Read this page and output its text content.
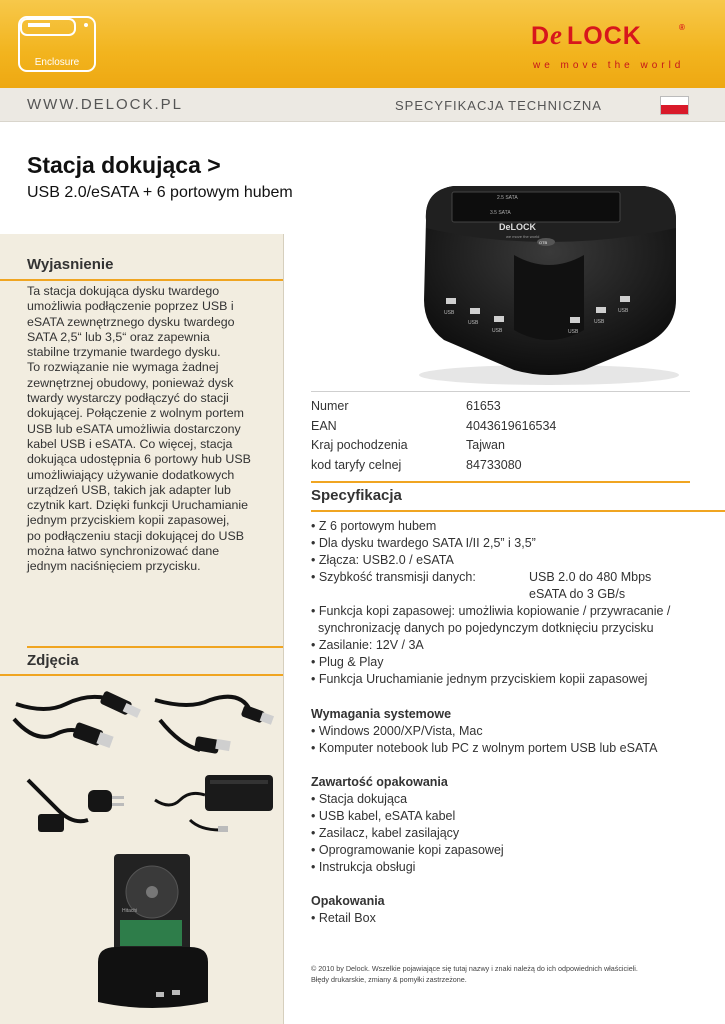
Enclosure
D e LOCK	®
we move the world
WWW.DELOCK.PL	SPECYFIKACJA TECHNICZNA
Stacja dokująca >
USB 2.0/eSATA + 6 portowym hubem	2.5 SATA
3.5 SATA
DeLOCK
we move the world
OTB
USB
USB
USB	USB
USB
USB
Wyjasnienie
Ta stacja dokująca dysku twardego
umożliwia podłączenie poprzez USB i
eSATA zewnętrznego dysku twardego
SATA 2,5“ lub 3,5“ oraz zapewnia
stabilne trzymanie twardego dysku.
To rozwiązanie nie wymaga żadnej
zewnętrznej obudowy, ponieważ dysk
twardy wystarczy podłączyć do stacji
dokującej. Połączenie z wolnym portem
USB lub eSATA umożliwia dostarczony
kabel USB i eSATA. Co więcej, stacja
dokująca udostępnia 6 portowy hub USB
umożliwiający używanie dodatkowych
urządzeń USB, takich jak adapter lub
czytnik kart. Dzięki funkcji Uruchamianie
jednym przyciskiem kopii zapasowej,
po podłączeniu stacji dokującej do USB
można łatwo synchronizować dane
jednym naciśnięciem przycisku.
Zdjęcia
Hitachi
Numer	61653
EAN	4043619616534
Kraj pochodzenia	Tajwan
kod taryfy celnej	84733080
Specyfikacja
• Z 6 portowym hubem
• Dla dysku twardego SATA I/II 2,5” i 3,5”
• Złącza: USB2.0 / eSATA
• Szybkość transmisji danych:	USB 2.0 do 480 Mbps
eSATA do 3 GB/s
• Funkcja kopi zapasowej: umożliwia kopiowanie / przywracanie /
synchronizację danych po pojedynczym dotknięciu przycisku
• Zasilanie: 12V / 3A
• Plug & Play
• Funkcja Uruchamianie jednym przyciskiem kopii zapasowej
Wymagania systemowe
• Windows 2000/XP/Vista, Mac
• Komputer notebook lub PC z wolnym portem USB lub eSATA
Zawartość opakowania
• Stacja dokująca
• USB kabel, eSATA kabel
• Zasilacz, kabel zasilający
• Oprogramowanie kopi zapasowej
• Instrukcja obsługi
Opakowania
• Retail Box
© 2010 by Delock. Wszelkie pojawiające się tutaj nazwy i znaki należą do ich odpowiednich właścicieli.
Błędy drukarskie, zmiany & pomyłki zastrzeżone.
